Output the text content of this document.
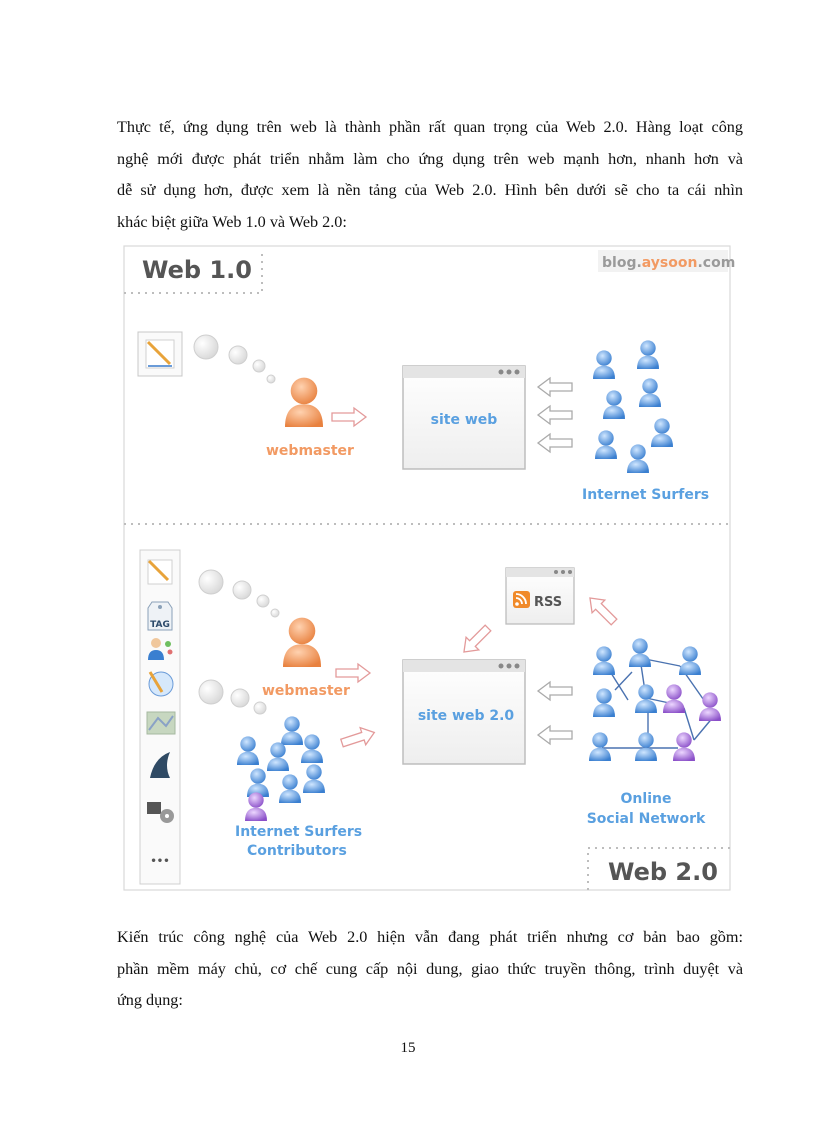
Thực tế, ứng dụng trên web là thành phần rất quan trọng của Web 2.0. Hàng loạt công
nghệ mới được phát triển nhằm làm cho ứng dụng trên web mạnh hơn, nhanh hơn và
dễ sử dụng hơn, được xem là nền tảng của Web 2.0. Hình bên dưới sẽ cho ta cái nhìn
khác biệt giữa Web 1.0 và Web 2.0:
Web 1.0	blog.aysoon.com
webmaster
site web
Internet Surfers
TAG
•••
webmaster
Internet Surfers
Contributors
site web 2.0
RSS
Online
Social Network
Web 2.0
Kiến trúc công nghệ của Web 2.0 hiện vẫn đang phát triển nhưng cơ bản bao gồm:
phần mềm máy chủ, cơ chế cung cấp nội dung, giao thức truyền thông, trình duyệt và
ứng dụng:
15
